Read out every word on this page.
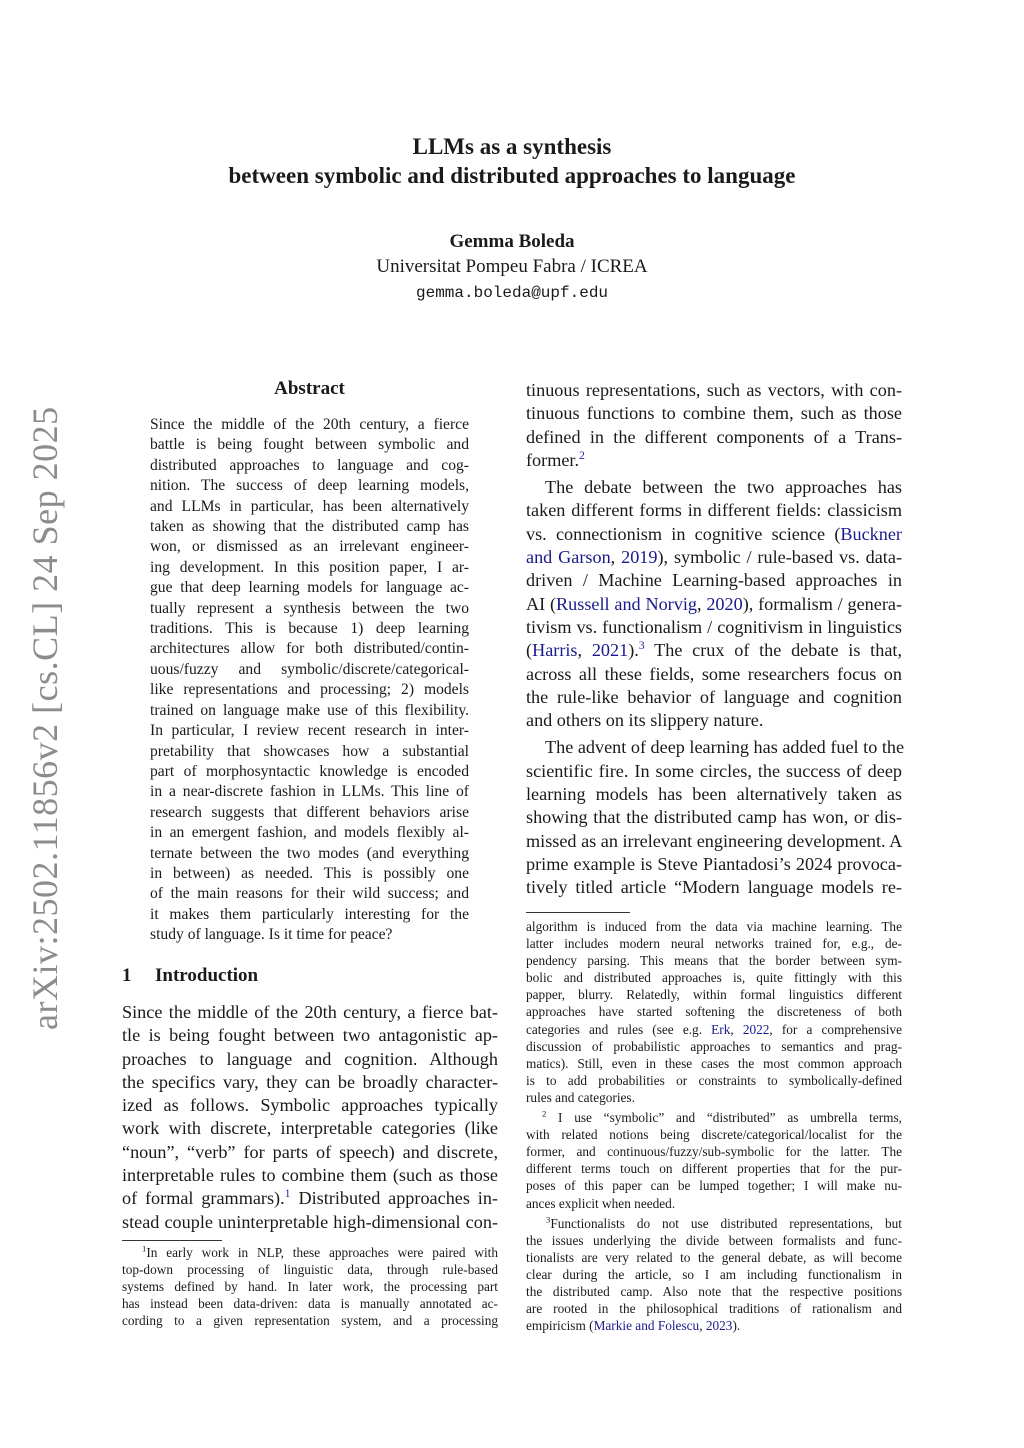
arXiv:2502.11856v2 [cs.CL] 24 Sep 2025
LLMs as a synthesis
between symbolic and distributed approaches to language
Gemma Boleda
Universitat Pompeu Fabra / ICREA
gemma.boleda@upf.edu
Abstract

Since the middle of the 20th century, a fierce

battle is being fought between symbolic and

distributed approaches to language and cog-

nition. The success of deep learning models,

and LLMs in particular, has been alternatively

taken as showing that the distributed camp has

won, or dismissed as an irrelevant engineer-

ing development. In this position paper, I ar-

gue that deep learning models for language ac-

tually represent a synthesis between the two

traditions. This is because 1) deep learning

architectures allow for both distributed/contin-

uous/fuzzy and symbolic/discrete/categorical-

like representations and processing; 2) models

trained on language make use of this flexibility.

In particular, I review recent research in inter-

pretability that showcases how a substantial

part of morphosyntactic knowledge is encoded

in a near-discrete fashion in LLMs. This line of

research suggests that different behaviors arise

in an emergent fashion, and models flexibly al-

ternate between the two modes (and everything

in between) as needed. This is possibly one

of the main reasons for their wild success; and

it makes them particularly interesting for the

study of language. Is it time for peace?

1 Introduction

Since the middle of the 20th century, a fierce bat-

tle is being fought between two antagonistic ap-

proaches to language and cognition. Although

the specifics vary, they can be broadly character-

ized as follows. Symbolic approaches typically

work with discrete, interpretable categories (like

“noun”, “verb” for parts of speech) and discrete,

interpretable rules to combine them (such as those

of formal grammars).$^1$ Distributed approaches in-

stead couple uninterpretable high-dimensional con-

$^1$In early work in NLP, these approaches were paired with

top-down processing of linguistic data, through rule-based

systems defined by hand. In later work, the processing part

has instead been data-driven: data is manually annotated ac-

cording to a given representation system, and a processing

tinuous representations, such as vectors, with con-

tinuous functions to combine them, such as those

defined in the different components of a Trans-

former.$^2$

The debate between the two approaches has

taken different forms in different fields: classicism

vs. connectionism in cognitive science (Buckner

and Garson, 2019), symbolic / rule-based vs. data-

driven / Machine Learning-based approaches in

AI (Russell and Norvig, 2020), formalism / genera-

tivism vs. functionalism / cognitivism in linguistics

(Harris, 2021).$^3$ The crux of the debate is that,

across all these fields, some researchers focus on

the rule-like behavior of language and cognition

and others on its slippery nature.

The advent of deep learning has added fuel to the

scientific fire. In some circles, the success of deep

learning models has been alternatively taken as

showing that the distributed camp has won, or dis-

missed as an irrelevant engineering development. A

prime example is Steve Piantadosi’s 2024 provoca-

tively titled article “Modern language models re-

algorithm is induced from the data via machine learning. The

latter includes modern neural networks trained for, e.g., de-

pendency parsing. This means that the border between sym-

bolic and distributed approaches is, quite fittingly with this

papper, blurry. Relatedly, within formal linguistics different

approaches have started softening the discreteness of both

categories and rules (see e.g. Erk, 2022, for a comprehensive

discussion of probabilistic approaches to semantics and prag-

matics). Still, even in these cases the most common approach

is to add probabilities or constraints to symbolically-defined

rules and categories.

$^2$ I use “symbolic” and “distributed” as umbrella terms,

with related notions being discrete/categorical/localist for the

former, and continuous/fuzzy/sub-symbolic for the latter. The

different terms touch on different properties that for the pur-

poses of this paper can be lumped together; I will make nu-

ances explicit when needed.

$^3$Functionalists do not use distributed representations, but

the issues underlying the divide between formalists and func-

tionalists are very related to the general debate, as will become

clear during the article, so I am including functionalism in

the distributed camp. Also note that the respective positions

are rooted in the philosophical traditions of rationalism and

empiricism (Markie and Folescu, 2023).
